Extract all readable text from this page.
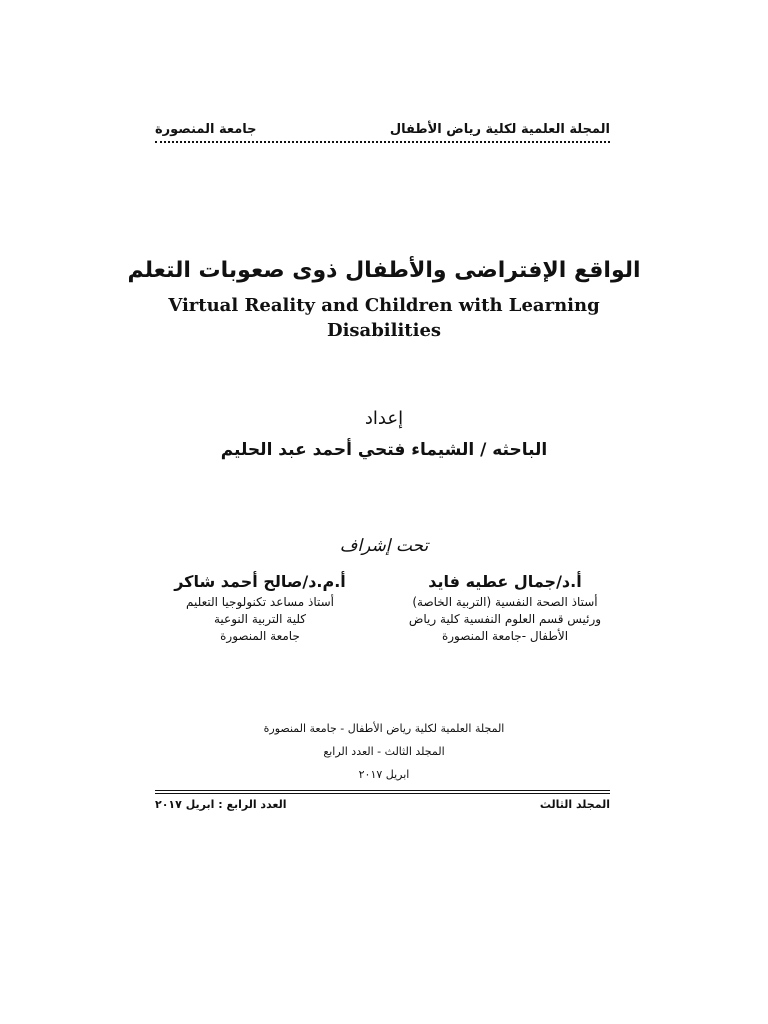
جامعة المنصورة	المجلة العلمية لكلية رياض الأطفال
الواقع الإفتراضى والأطفال ذوى صعوبات التعلم
Virtual Reality and Children with Learning
Disabilities
إعداد
الباحثه / الشيماء فتحي أحمد عبد الحليم
تحت إشراف
أ.د/جمال عطيه فايد
أستاذ الصحة النفسية (التربية الخاصة)
ورئيس قسم العلوم النفسية كلية رياض
الأطفال -جامعة المنصورة
أ.م.د/صالح أحمد شاكر
أستاذ مساعد تكنولوجيا التعليم
كلية التربية النوعية
جامعة المنصورة
المجلة العلمية لكلية رياض الأطفال - جامعة المنصورة
المجلد الثالث - العدد الرابع
ابريل ٢٠١٧
العدد الرابع : ابريل ٢٠١٧	المجلد الثالث
